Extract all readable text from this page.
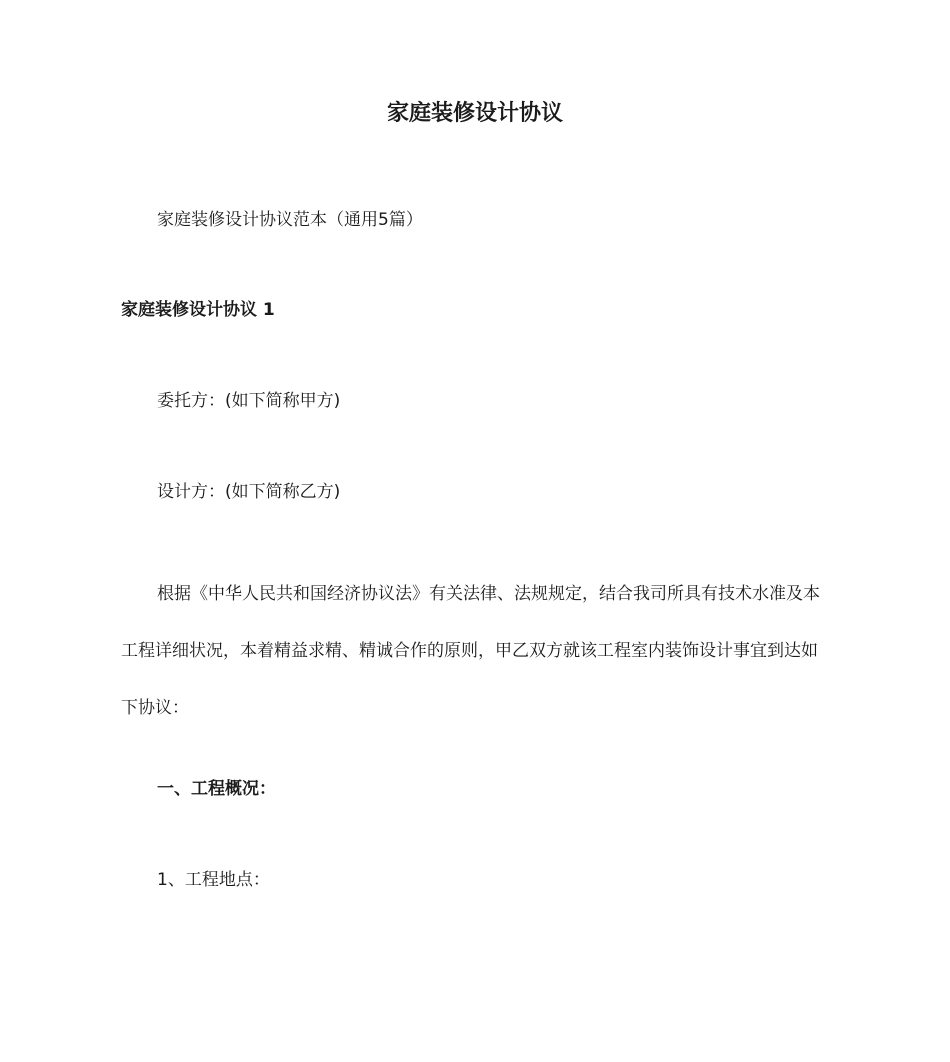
家庭装修设计协议

家庭装修设计协议范本（通用5篇）

家庭装修设计协议 1

委托方：(如下简称甲方)

设计方：(如下简称乙方)

根据《中华人民共和国经济协议法》有关法律、法规规定，结合我司所具有技术水准及本工程详细状况，本着精益求精、精诚合作的原则，甲乙双方就该工程室内装饰设计事宜到达如下协议：

一、工程概况：

1、工程地点：
